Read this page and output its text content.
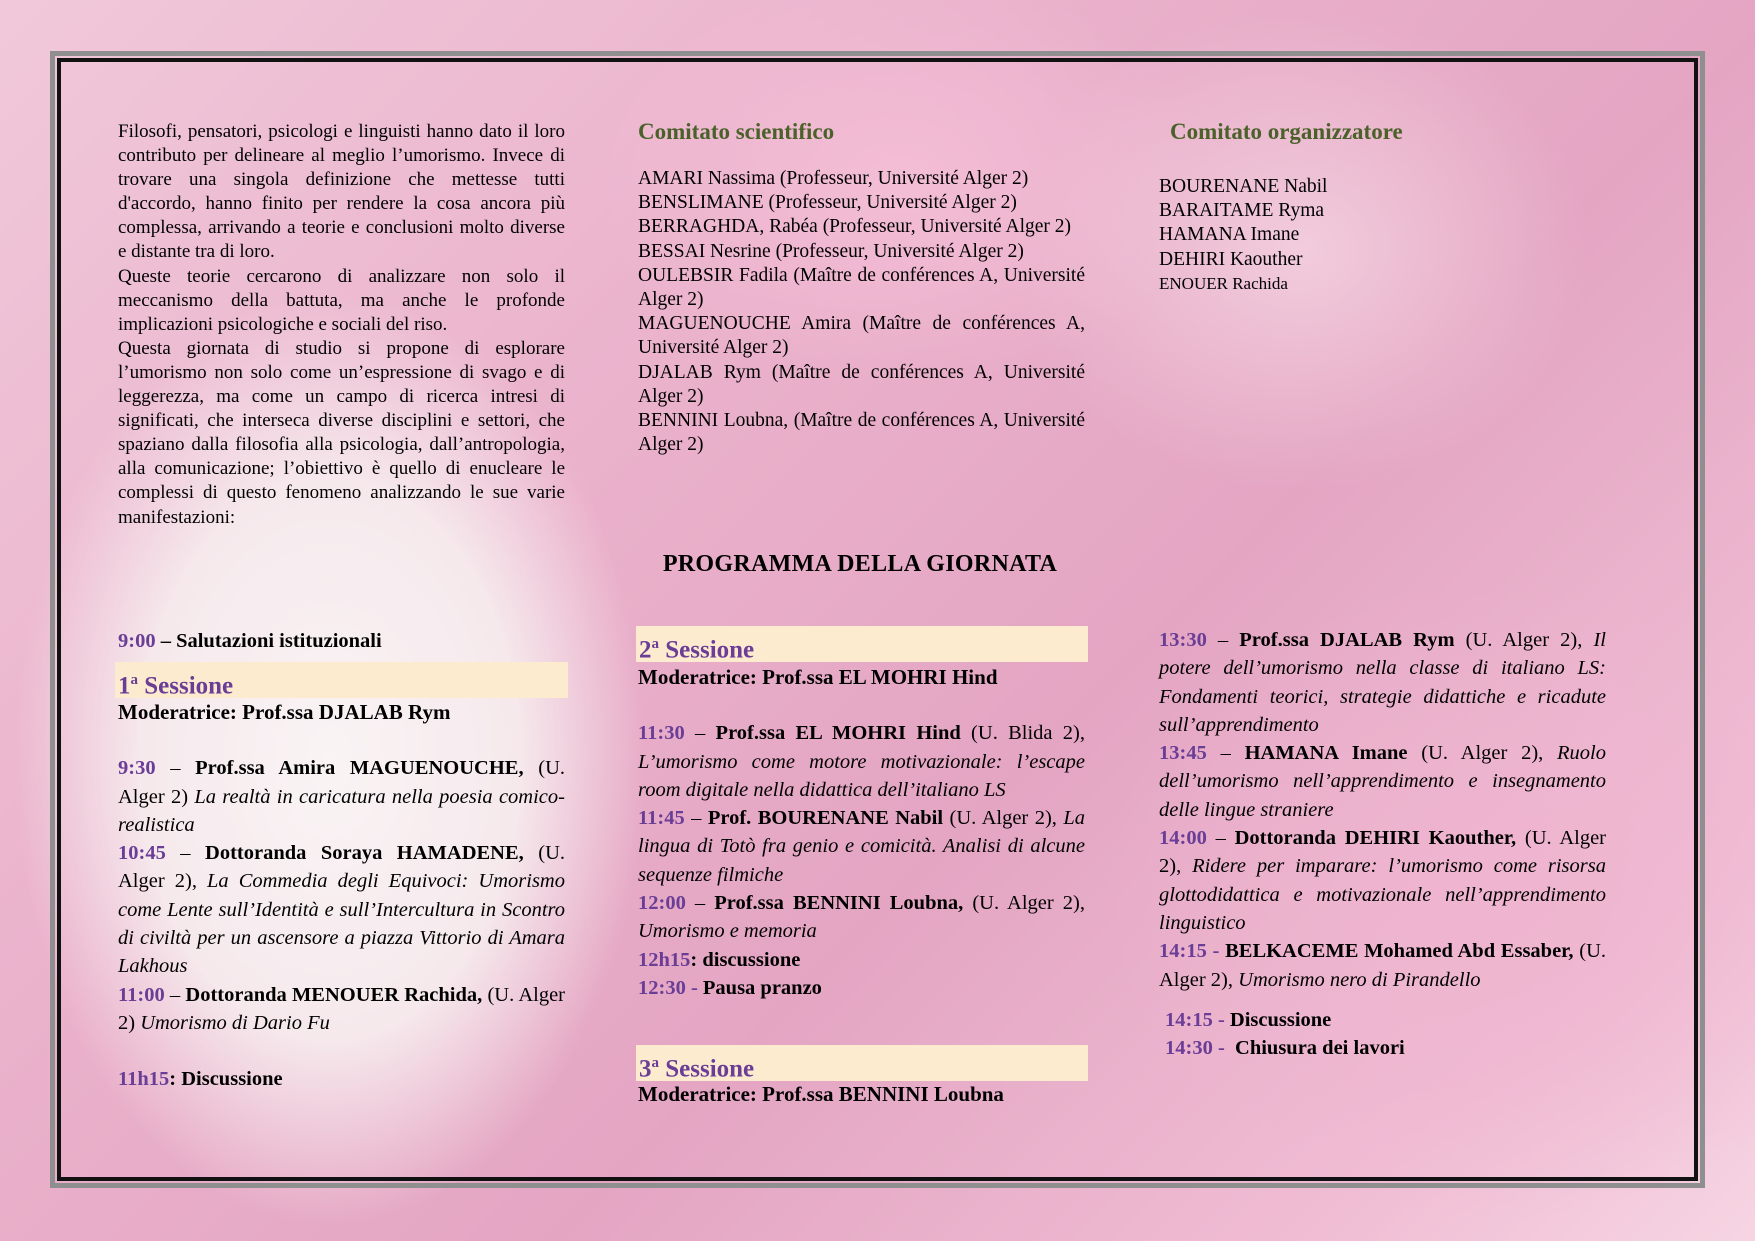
Filosofi, pensatori, psicologi e linguisti hanno dato il loro contributo per delineare al meglio l’umorismo. Invece di trovare una singola definizione che mettesse tutti d'accordo, hanno finito per rendere la cosa ancora più complessa, arrivando a teorie e conclusioni molto diverse e distante tra di loro.

Queste teorie cercarono di analizzare non solo il meccanismo della battuta, ma anche le profonde implicazioni psicologiche e sociali del riso.

Questa giornata di studio si propone di esplorare l’umorismo non solo come un’espressione di svago e di leggerezza, ma come un campo di ricerca intresi di significati, che interseca diverse disciplini e settori, che spaziano dalla filosofia alla psicologia, dall’antropologia, alla comunicazione; l’obiettivo è quello di enucleare le complessi di questo fenomeno analizzando le sue varie manifestazioni:

Comitato scientifico
AMARI Nassima (Professeur, Université Alger 2)
BENSLIMANE (Professeur, Université Alger 2)
BERRAGHDA, Rabéa (Professeur, Université Alger 2)
BESSAI Nesrine (Professeur, Université Alger 2)
OULEBSIR Fadila (Maître de conférences A, Université Alger 2)
MAGUENOUCHE Amira (Maître de conférences A, Université Alger 2)
DJALAB Rym (Maître de conférences A, Université Alger 2)
BENNINI Loubna, (Maître de conférences A, Université Alger 2)
Comitato organizzatore
BOURENANE Nabil
BARAITAME Ryma
HAMANA Imane
DEHIRI Kaouther
ENOUER Rachida
PROGRAMMA DELLA GIORNATA
9:00 – Salutazioni istituzionali
1$^a$ Sessione
Moderatrice: Prof.ssa DJALAB Rym
9:30 – Prof.ssa Amira MAGUENOUCHE, (U. Alger 2) La realtà in caricatura nella poesia comico-realistica
10:45 – Dottoranda Soraya HAMADENE, (U. Alger 2), La Commedia degli Equivoci: Umorismo come Lente sull’Identità e sull’Intercultura in Scontro di civiltà per un ascensore a piazza Vittorio di Amara Lakhous
11:00 – Dottoranda MENOUER Rachida, (U. Alger 2) Umorismo di Dario Fu
11h15: Discussione
2$^a$ Sessione
Moderatrice: Prof.ssa EL MOHRI Hind
11:30 – Prof.ssa EL MOHRI Hind (U. Blida 2), L’umorismo come motore motivazionale: l’escape room digitale nella didattica dell’italiano LS
11:45 – Prof. BOURENANE Nabil (U. Alger 2), La lingua di Totò fra genio e comicità. Analisi di alcune sequenze filmiche
12:00 – Prof.ssa BENNINI Loubna, (U. Alger 2), Umorismo e memoria
12h15: discussione
12:30 - Pausa pranzo
3$^a$ Sessione
Moderatrice: Prof.ssa BENNINI Loubna
13:30 – Prof.ssa DJALAB Rym (U. Alger 2), Il potere dell’umorismo nella classe di italiano LS: Fondamenti teorici, strategie didattiche e ricadute sull’apprendimento
13:45 – HAMANA Imane (U. Alger 2), Ruolo dell’umorismo nell’apprendimento e insegnamento delle lingue straniere
14:00 – Dottoranda DEHIRI Kaouther, (U. Alger 2), Ridere per imparare: l’umorismo come risorsa glottodidattica e motivazionale nell’apprendimento linguistico
14:15 - BELKACEME Mohamed Abd Essaber, (U. Alger 2), Umorismo nero di Pirandello
14:15 - Discussione
14:30 -  Chiusura dei lavori
